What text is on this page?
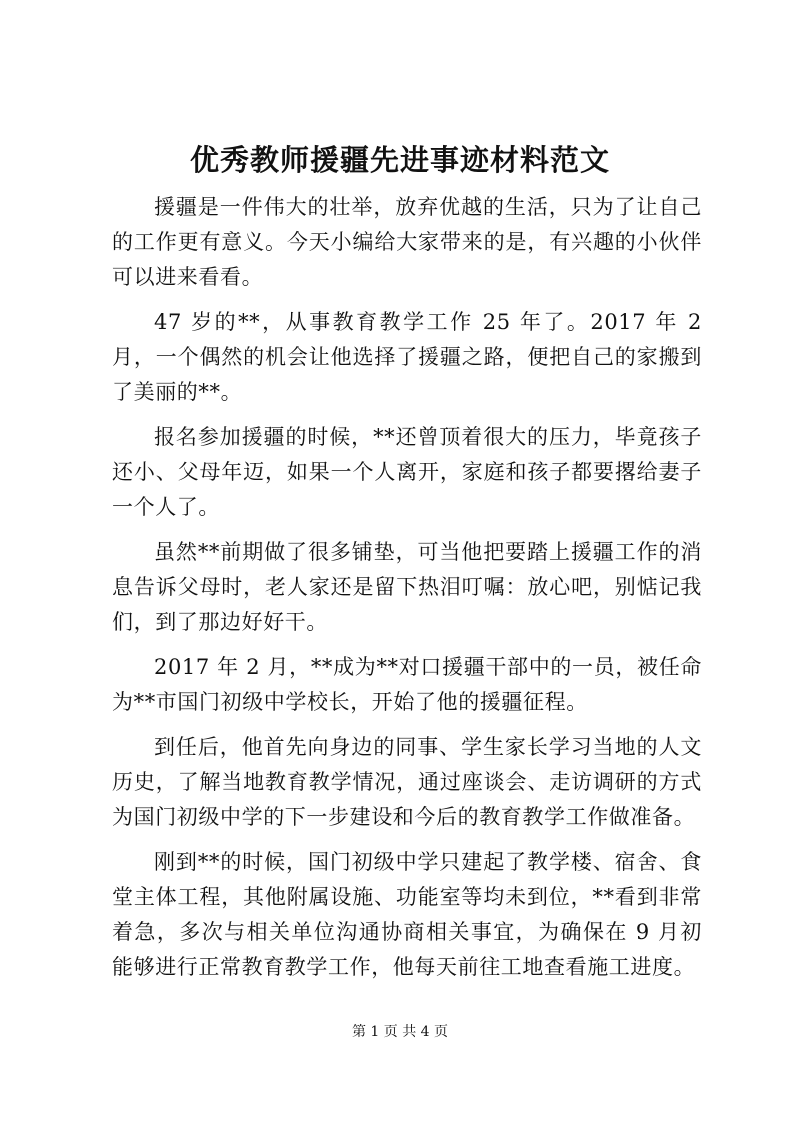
优秀教师援疆先进事迹材料范文

援疆是一件伟大的壮举，放弃优越的生活，只为了让自己的工作更有意义。今天小编给大家带来的是，有兴趣的小伙伴可以进来看看。

47 岁的**，从事教育教学工作 25 年了。2017 年 2 月，一个偶然的机会让他选择了援疆之路，便把自己的家搬到了美丽的**。

报名参加援疆的时候，**还曾顶着很大的压力，毕竟孩子还小、父母年迈，如果一个人离开，家庭和孩子都要撂给妻子一个人了。

虽然**前期做了很多铺垫，可当他把要踏上援疆工作的消息告诉父母时，老人家还是留下热泪叮嘱：放心吧，别惦记我们，到了那边好好干。

2017 年 2 月，**成为**对口援疆干部中的一员，被任命为**市国门初级中学校长，开始了他的援疆征程。

到任后，他首先向身边的同事、学生家长学习当地的人文历史，了解当地教育教学情况，通过座谈会、走访调研的方式为国门初级中学的下一步建设和今后的教育教学工作做准备。

刚到**的时候，国门初级中学只建起了教学楼、宿舍、食堂主体工程，其他附属设施、功能室等均未到位，**看到非常着急，多次与相关单位沟通协商相关事宜，为确保在 9 月初能够进行正常教育教学工作，他每天前往工地查看施工进度。

第 1 页 共 4 页
